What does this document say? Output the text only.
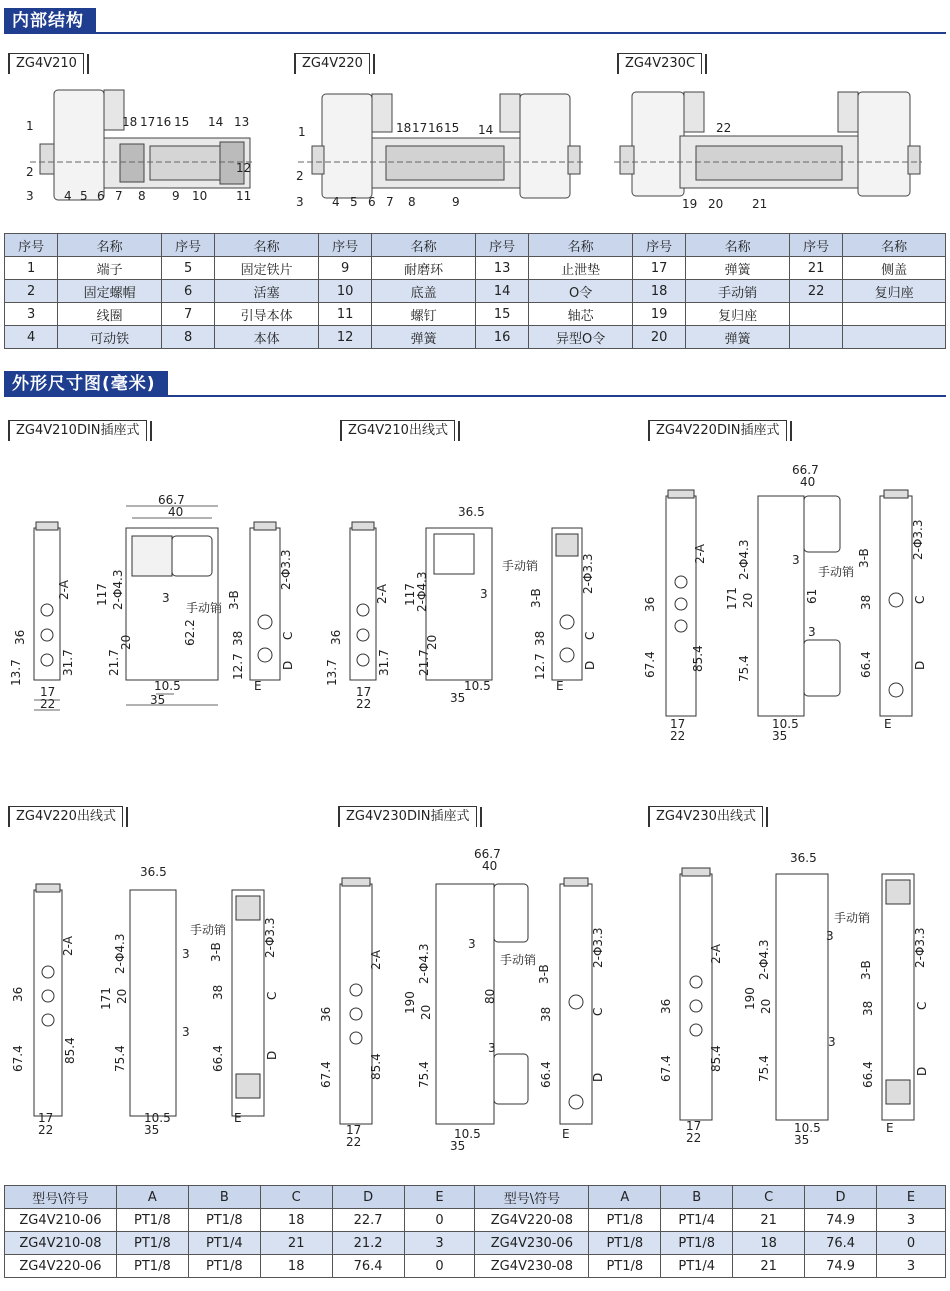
内部结构
ZG4V210	ZG4V220	ZG4V230C
1
2
3	4 5 6 7 8 9 10 11
12
13
14
15
16
17
18
1
2
3 4 5 6 7 8	9
14
15
16
17
18
19 20 21
22
序号	名称	序号	名称	序号	名称	序号	名称	序号	名称	序号	名称
1	端子	5	固定铁片	9	耐磨环	13	止泄垫	17	弹簧	21	侧盖
2	固定螺帽	6	活塞	10	底盖	14	O令	18	手动销	22	复归座
3	线圈	7	引导本体	11	螺钉	15	轴芯	19	复归座		
4	可动铁	8	本体	12	弹簧	16	异型O令	20	弹簧		
外形尺寸图(毫米)
ZG4V210DIN插座式	ZG4V210出线式	ZG4V220DIN插座式
ZG4V220出线式	ZG4V230DIN插座式	ZG4V230出线式
66.7
40
2-A
36
13.7	31.7
17
22
117 2-Φ4.3
21.7
20	62.2
3
手动销
10.5
35
3-B
2-Φ3.3
38
12.7
C
D
E
36.5
2-A
36
13.7	31.7
17
22
117
2-Φ4.3
21.7
20
3
手动销
10.5
35
3-B
2-Φ3.3
38
12.7
C
D
E
66.7
40
2-A
36
67.4	85.4
17
22
171
2-Φ4.3
20
75.4
61
3
3
手动销
10.5
35
3-B	2-Φ3.3
38
66.4
C
D
E
36.5
2-A
36
67.4	85.4
17
22
171
2-Φ4.3
20
75.4
3
3
手动销
10.5
35
3-B	2-Φ3.3
38
66.4
C
D
E
66.7
40
2-A
36
67.4	85.4
17
22
190
2-Φ4.3
20
75.4
80
3
3
手动销
10.5
35
3-B
2-Φ3.3
38
66.4
C
D
E
36.5
2-A
36
67.4	85.4
17
22
190
2-Φ4.3
20
75.4
3
3
手动销
10.5
35
3-B
2-Φ3.3
38
66.4
C
D
E
型号\符号	A	B	C	D	E	型号\符号	A	B	C	D	E
ZG4V210-06	PT1/8	PT1/8	18	22.7	0	ZG4V220-08	PT1/8	PT1/4	21	74.9	3
ZG4V210-08	PT1/8	PT1/4	21	21.2	3	ZG4V230-06	PT1/8	PT1/8	18	76.4	0
ZG4V220-06	PT1/8	PT1/8	18	76.4	0	ZG4V230-08	PT1/8	PT1/4	21	74.9	3
